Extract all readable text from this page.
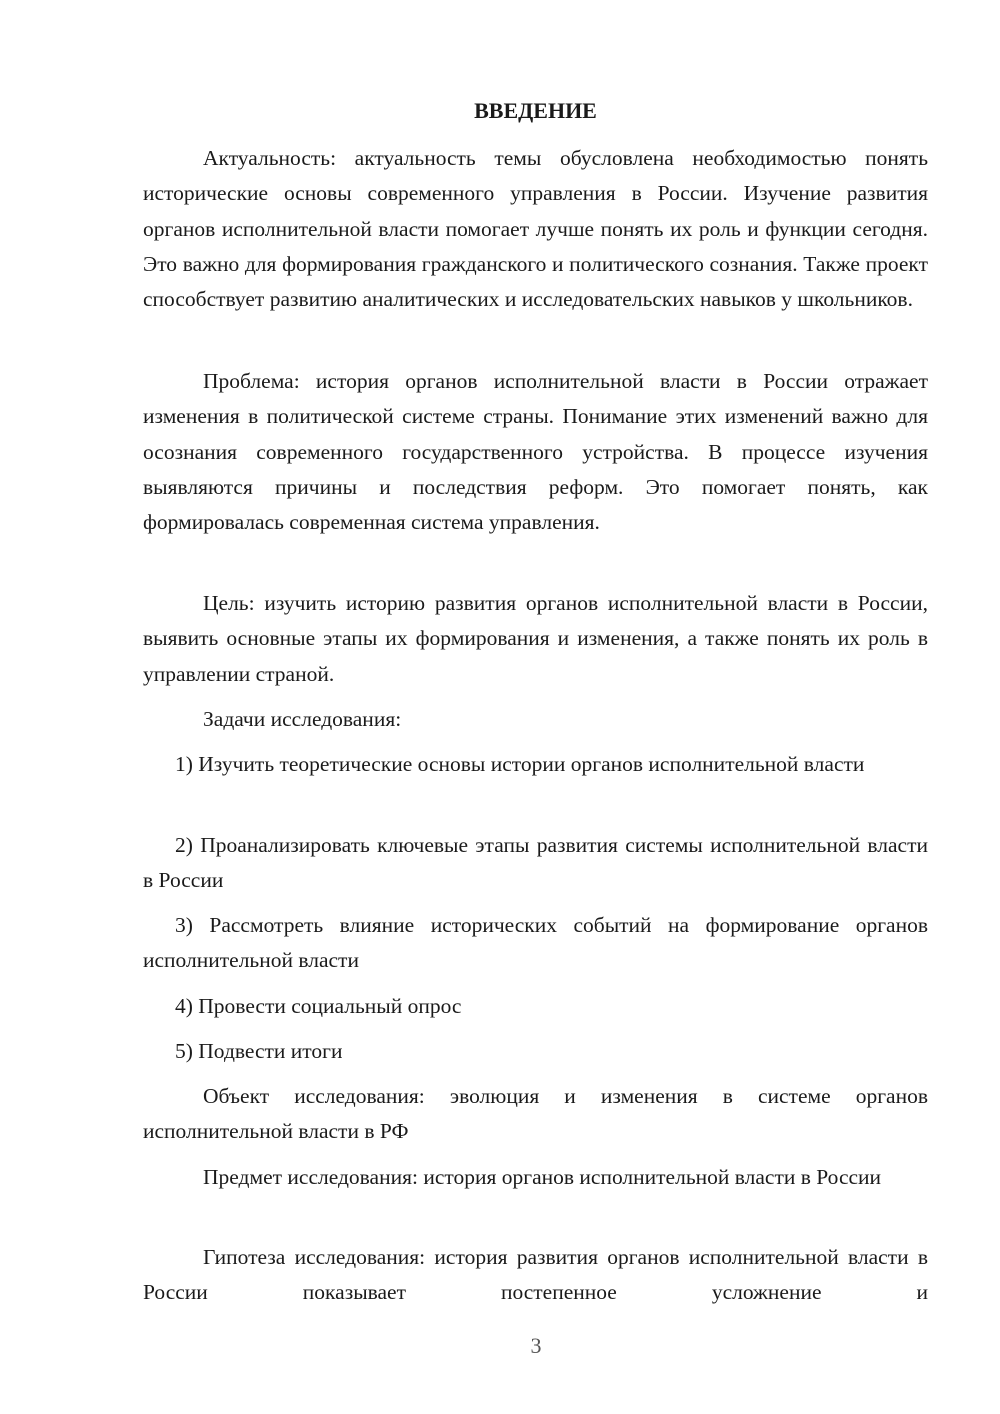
ВВЕДЕНИЕ

Актуальность: актуальность темы обусловлена необходимостью понять исторические основы современного управления в России. Изучение развития органов исполнительной власти помогает лучше понять их роль и функции сегодня. Это важно для формирования гражданского и политического сознания. Также проект способствует развитию аналитических и исследовательских навыков у школьников.

Проблема: история органов исполнительной власти в России отражает изменения в политической системе страны. Понимание этих изменений важно для осознания современного государственного устройства. В процессе изучения выявляются причины и последствия реформ. Это помогает понять, как формировалась современная система управления.

Цель: изучить историю развития органов исполнительной власти в России, выявить основные этапы их формирования и изменения, а также понять их роль в управлении страной.

Задачи исследования:

1) Изучить теоретические основы истории органов исполнительной власти

2) Проанализировать ключевые этапы развития системы исполнительной власти в России

3) Рассмотреть влияние исторических событий на формирование органов исполнительной власти

4) Провести социальный опрос

5) Подвести итоги

Объект исследования: эволюция и изменения в системе органов исполнительной власти в РФ

Предмет исследования: история органов исполнительной власти в России

Гипотеза исследования: история развития органов исполнительной власти в России показывает постепенное усложнение и

3
